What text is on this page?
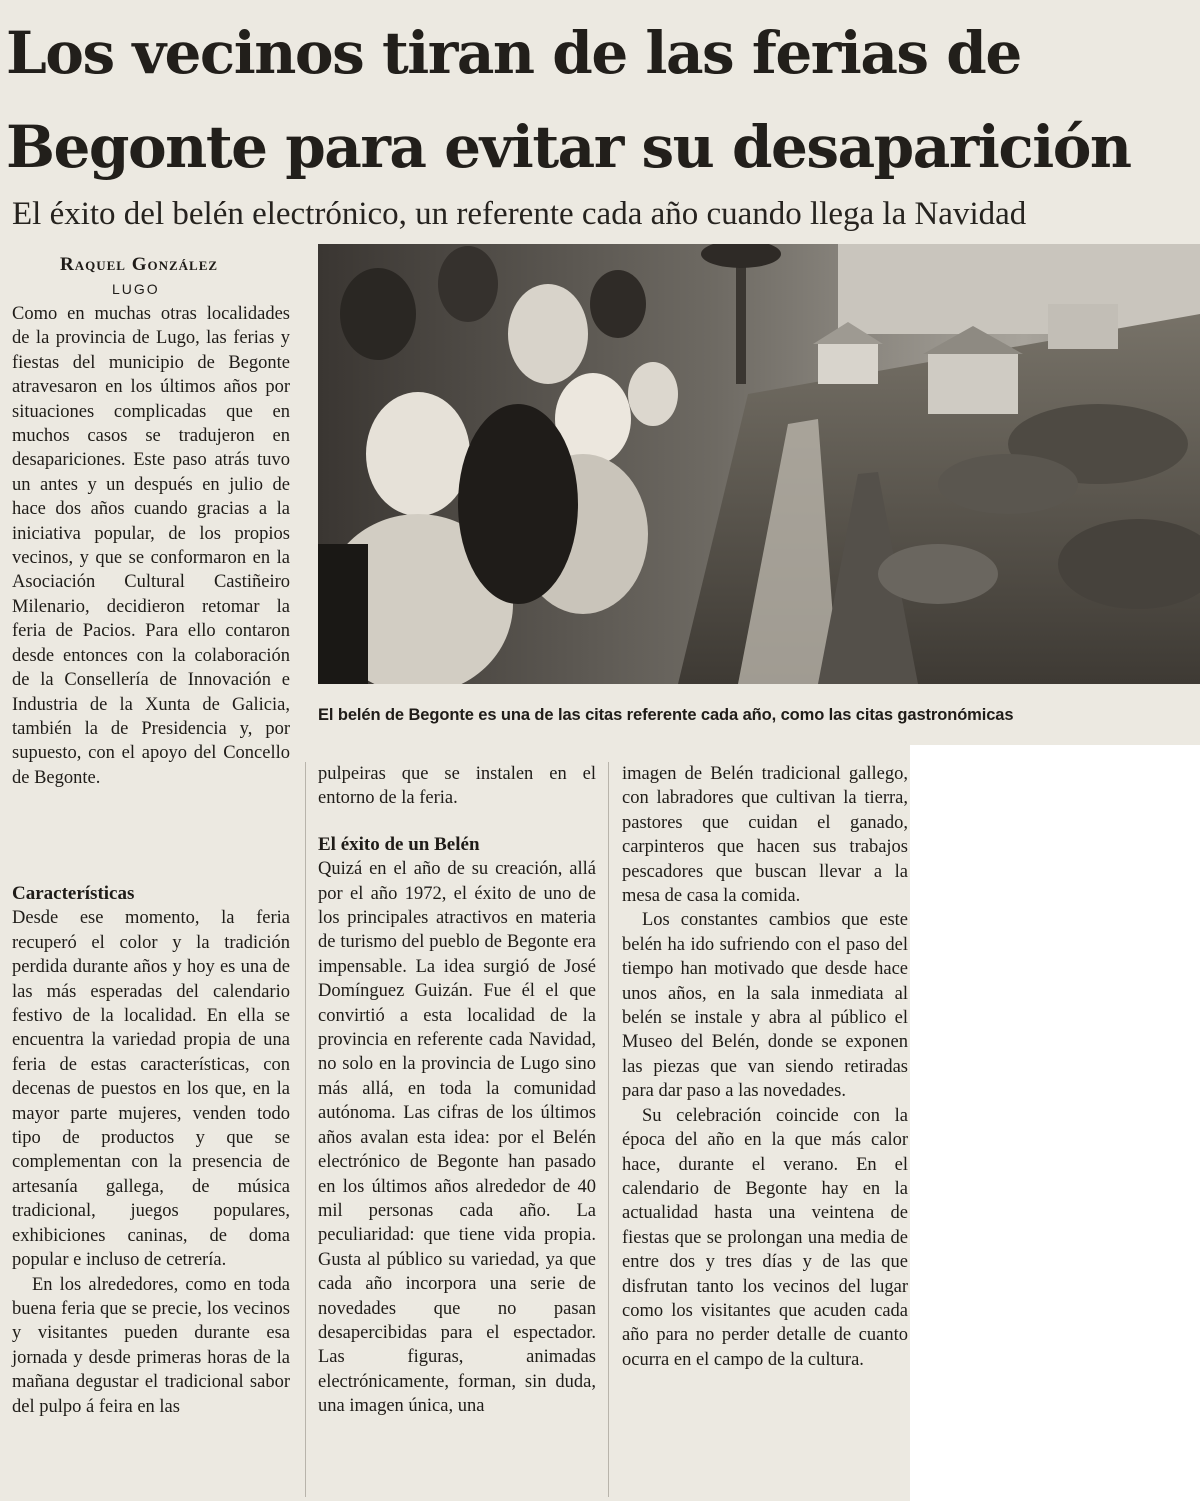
Los vecinos tiran de las ferias de
Begonte para evitar su desaparición
El éxito del belén electrónico, un referente cada año cuando llega la Navidad
Raquel González
LUGO
El belén de Begonte es una de las citas referente cada año, como las citas gastronómicas

Como en muchas otras localidades de la provincia de Lugo, las ferias y fiestas del municipio de Begonte atravesaron en los últimos años por situaciones complicadas que en muchos casos se tradujeron en desapariciones. Este paso atrás tuvo un antes y un después en julio de hace dos años cuando gracias a la iniciativa popular, de los propios vecinos, y que se conformaron en la Asociación Cultural Castiñeiro Milenario, decidieron retomar la feria de Pacios. Para ello contaron desde entonces con la colaboración de la Consellería de Innovación e Industria de la Xunta de Galicia, también la de Presidencia y, por supuesto, con el apoyo del Concello de Begonte.

Características

Desde ese momento, la feria recuperó el color y la tradición perdida durante años y hoy es una de las más esperadas del calendario festivo de la localidad. En ella se encuentra la variedad propia de una feria de estas características, con decenas de puestos en los que, en la mayor parte mujeres, venden todo tipo de productos y que se complementan con la presencia de artesanía gallega, de música tradicional, juegos populares, exhibiciones caninas, de doma popular e incluso de cetrería.

En los alrededores, como en toda buena feria que se precie, los vecinos y visitantes pueden durante esa jornada y desde primeras horas de la mañana degustar el tradicional sabor del pulpo á feira en las

pulpeiras que se instalen en el entorno de la feria.

El éxito de un Belén

Quizá en el año de su creación, allá por el año 1972, el éxito de uno de los principales atractivos en materia de turismo del pueblo de Begonte era impensable. La idea surgió de José Domínguez Guizán. Fue él el que convirtió a esta localidad de la provincia en referente cada Navidad, no solo en la provincia de Lugo sino más allá, en toda la comunidad autónoma. Las cifras de los últimos años avalan esta idea: por el Belén electrónico de Begonte han pasado en los últimos años alrededor de 40 mil personas cada año. La peculiaridad: que tiene vida propia. Gusta al público su variedad, ya que cada año incorpora una serie de novedades que no pasan desapercibidas para el espectador. Las figuras, animadas electrónicamente, forman, sin duda, una imagen única, una

imagen de Belén tradicional gallego, con labradores que cultivan la tierra, pastores que cuidan el ganado, carpinteros que hacen sus trabajos pescadores que buscan llevar a la mesa de casa la comida.

Los constantes cambios que este belén ha ido sufriendo con el paso del tiempo han motivado que desde hace unos años, en la sala inmediata al belén se instale y abra al público el Museo del Belén, donde se exponen las piezas que van siendo retiradas para dar paso a las novedades.

Su celebración coincide con la época del año en la que más calor hace, durante el verano. En el calendario de Begonte hay en la actualidad hasta una veintena de fiestas que se prolongan una media de entre dos y tres días y de las que disfrutan tanto los vecinos del lugar como los visitantes que acuden cada año para no perder detalle de cuanto ocurra en el campo de la cultura.
